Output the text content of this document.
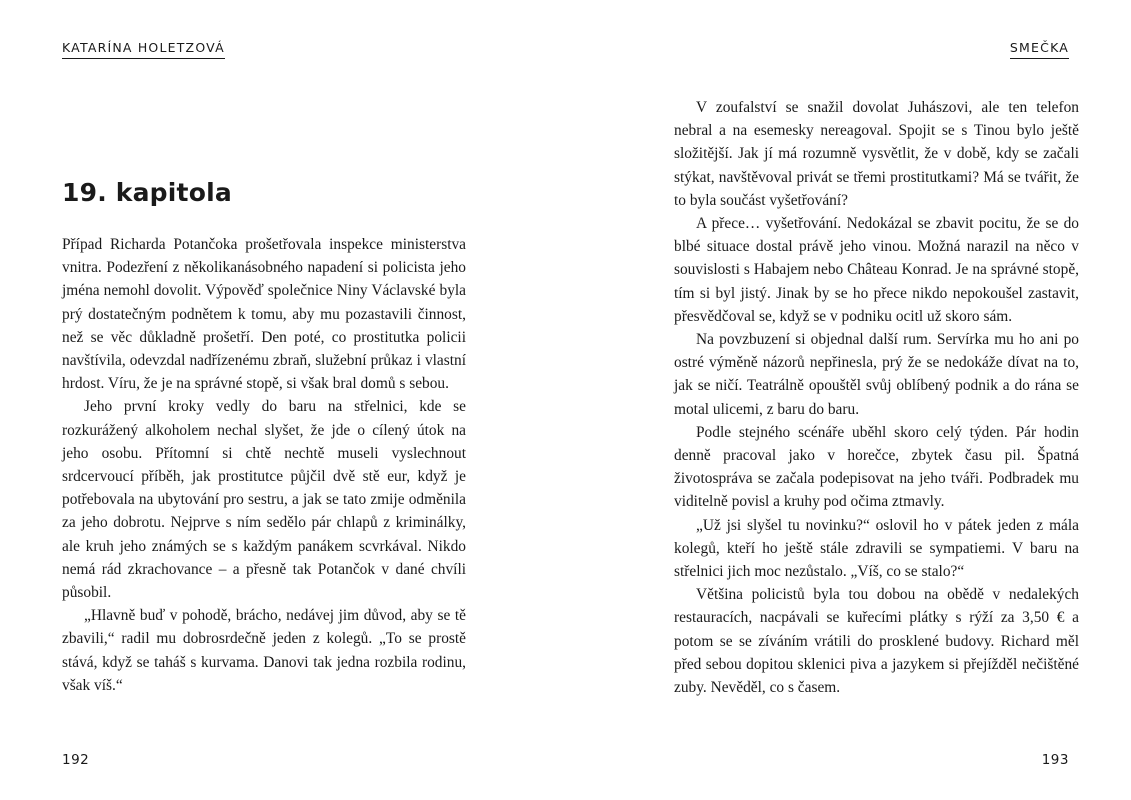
KATARÍNA HOLETZOVÁ
19. kapitola

Případ Richarda Potančoka prošetřovala inspekce ministerstva vnitra. Podezření z několikanásobného napadení si policista jeho jména nemohl dovolit. Výpověď společnice Niny Václavské byla prý dostatečným podnětem k tomu, aby mu pozastavili činnost, než se věc důkladně prošetří. Den poté, co prostitutka policii navštívila, odevzdal nadřízenému zbraň, služební průkaz i vlastní hrdost. Víru, že je na správné stopě, si však bral domů s sebou.

Jeho první kroky vedly do baru na střelnici, kde se rozkurážený alkoholem nechal slyšet, že jde o cílený útok na jeho osobu. Přítomní si chtě nechtě museli vyslechnout srdcervoucí příběh, jak prostitutce půjčil dvě stě eur, když je potřebovala na ubytování pro sestru, a jak se tato zmije odměnila za jeho dobrotu. Nejprve s ním sedělo pár chlapů z kriminálky, ale kruh jeho známých se s každým panákem scvrkával. Nikdo nemá rád zkrachovance – a přesně tak Potančok v dané chvíli působil.

„Hlavně buď v pohodě, brácho, nedávej jim důvod, aby se tě zbavili,“ radil mu dobrosrdečně jeden z kolegů. „To se prostě stává, když se taháš s kurvama. Danovi tak jedna rozbila rodinu, však víš.“

192
SMEČKA

V zoufalství se snažil dovolat Juhászovi, ale ten telefon nebral a na esemesky nereagoval. Spojit se s Tinou bylo ještě složitější. Jak jí má rozumně vysvětlit, že v době, kdy se začali stýkat, navštěvoval privát se třemi prostitutkami? Má se tvářit, že to byla součást vyšetřování?

A přece… vyšetřování. Nedokázal se zbavit pocitu, že se do blbé situace dostal právě jeho vinou. Možná narazil na něco v souvislosti s Habajem nebo Château Konrad. Je na správné stopě, tím si byl jistý. Jinak by se ho přece nikdo nepokoušel zastavit, přesvědčoval se, když se v podniku ocitl už skoro sám.

Na povzbuzení si objednal další rum. Servírka mu ho ani po ostré výměně názorů nepřinesla, prý že se nedokáže dívat na to, jak se ničí. Teatrálně opouštěl svůj oblíbený podnik a do rána se motal ulicemi, z baru do baru.

Podle stejného scénáře uběhl skoro celý týden. Pár hodin denně pracoval jako v horečce, zbytek času pil. Špatná životospráva se začala podepisovat na jeho tváři. Podbradek mu viditelně povisl a kruhy pod očima ztmavly.

„Už jsi slyšel tu novinku?“ oslovil ho v pátek jeden z mála kolegů, kteří ho ještě stále zdravili se sympatiemi. V baru na střelnici jich moc nezůstalo. „Víš, co se stalo?“

Většina policistů byla tou dobou na obědě v nedalekých restauracích, nacpávali se kuřecími plátky s rýží za 3,50 € a potom se se zíváním vrátili do prosklené budovy. Richard měl před sebou dopitou sklenici piva a jazykem si přejížděl nečištěné zuby. Nevěděl, co s časem.

193
